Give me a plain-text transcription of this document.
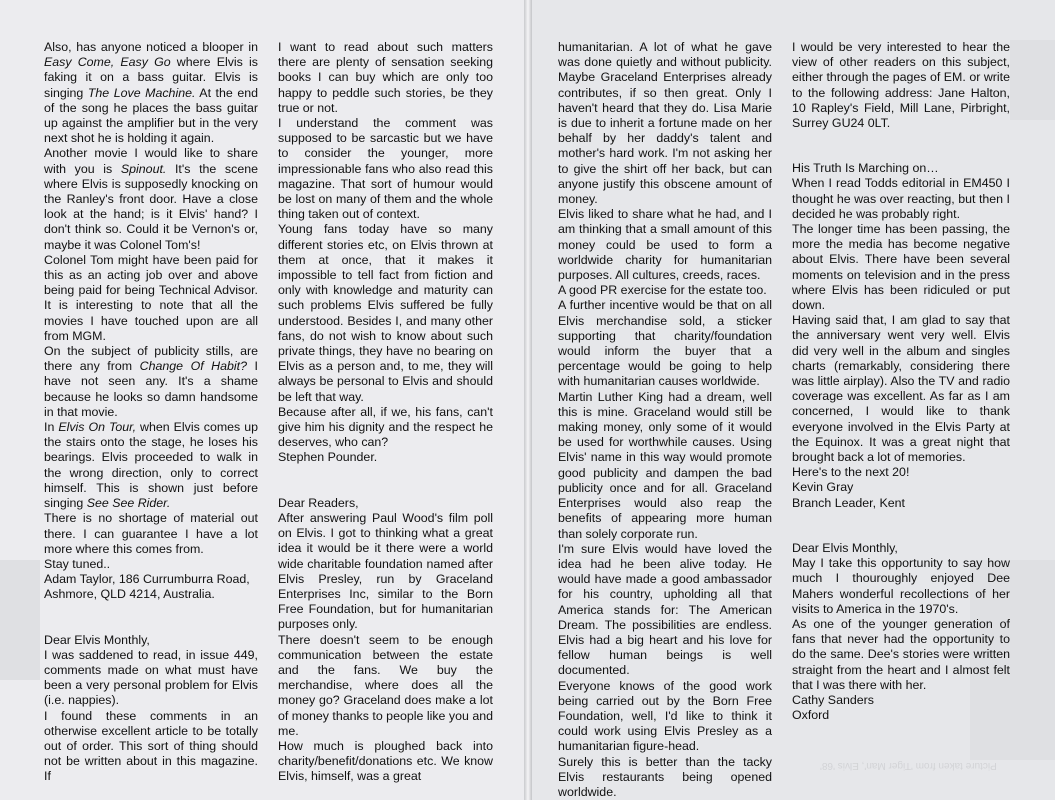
Also, has anyone noticed a blooper in Easy Come, Easy Go where Elvis is faking it on a bass guitar. Elvis is singing The Love Machine. At the end of the song he places the bass guitar up against the amplifier but in the very next shot he is holding it again.

Another movie I would like to share with you is Spinout. It's the scene where Elvis is supposedly knocking on the Ranley's front door. Have a close look at the hand; is it Elvis' hand? I don't think so. Could it be Vernon's or, maybe it was Colonel Tom's!

Colonel Tom might have been paid for this as an acting job over and above being paid for being Technical Advisor. It is interesting to note that all the movies I have touched upon are all from MGM.

On the subject of publicity stills, are there any from Change Of Habit? I have not seen any. It's a shame because he looks so damn handsome in that movie.

In Elvis On Tour, when Elvis comes up the stairs onto the stage, he loses his bearings. Elvis proceeded to walk in the wrong direction, only to correct himself. This is shown just before singing See See Rider.

There is no shortage of material out there. I can guarantee I have a lot more where this comes from.

Stay tuned..

Adam Taylor, 186 Currumburra Road, Ashmore, QLD 4214, Australia.

Dear Elvis Monthly,

I was saddened to read, in issue 449, comments made on what must have been a very personal problem for Elvis (i.e. nappies).

I found these comments in an otherwise excellent article to be totally out of order. This sort of thing should not be written about in this magazine. If

I want to read about such matters there are plenty of sensation seeking books I can buy which are only too happy to peddle such stories, be they true or not.

I understand the comment was supposed to be sarcastic but we have to consider the younger, more impressionable fans who also read this magazine. That sort of humour would be lost on many of them and the whole thing taken out of context.

Young fans today have so many different stories etc, on Elvis thrown at them at once, that it makes it impossible to tell fact from fiction and only with knowledge and maturity can such problems Elvis suffered be fully understood. Besides I, and many other fans, do not wish to know about such private things, they have no bearing on Elvis as a person and, to me, they will always be personal to Elvis and should be left that way.

Because after all, if we, his fans, can't give him his dignity and the respect he deserves, who can?

Stephen Pounder.

Dear Readers,

After answering Paul Wood's film poll on Elvis. I got to thinking what a great idea it would be it there were a world wide charitable foundation named after Elvis Presley, run by Graceland Enterprises Inc, similar to the Born Free Foundation, but for humanitarian purposes only.

There doesn't seem to be enough communication between the estate and the fans. We buy the merchandise, where does all the money go? Graceland does make a lot of money thanks to people like you and me.

How much is ploughed back into charity/benefit/donations etc. We know Elvis, himself, was a great

humanitarian. A lot of what he gave was done quietly and without publicity. Maybe Graceland Enterprises already contributes, if so then great. Only I haven't heard that they do. Lisa Marie is due to inherit a fortune made on her behalf by her daddy's talent and mother's hard work. I'm not asking her to give the shirt off her back, but can anyone justify this obscene amount of money.

Elvis liked to share what he had, and I am thinking that a small amount of this money could be used to form a worldwide charity for humanitarian purposes. All cultures, creeds, races.

A good PR exercise for the estate too.

A further incentive would be that on all Elvis merchandise sold, a sticker supporting that charity/foundation would inform the buyer that a percentage would be going to help with humanitarian causes worldwide.

Martin Luther King had a dream, well this is mine. Graceland would still be making money, only some of it would be used for worthwhile causes. Using Elvis' name in this way would promote good publicity and dampen the bad publicity once and for all. Graceland Enterprises would also reap the benefits of appearing more human than solely corporate run.

I'm sure Elvis would have loved the idea had he been alive today. He would have made a good ambassador for his country, upholding all that America stands for: The American Dream. The possibilities are endless. Elvis had a big heart and his love for fellow human beings is well documented.

Everyone knows of the good work being carried out by the Born Free Foundation, well, I'd like to think it could work using Elvis Presley as a humanitarian figure-head.

Surely this is better than the tacky Elvis restaurants being opened worldwide.

I would be very interested to hear the view of other readers on this subject, either through the pages of EM. or write to the following address: Jane Halton, 10 Rapley's Field, Mill Lane, Pirbright, Surrey GU24 0LT.

His Truth Is Marching on…

When I read Todds editorial in EM450 I thought he was over reacting, but then I decided he was probably right.

The longer time has been passing, the more the media has become negative about Elvis. There have been several moments on television and in the press where Elvis has been ridiculed or put down.

Having said that, I am glad to say that the anniversary went very well. Elvis did very well in the album and singles charts (remarkably, considering there was little airplay). Also the TV and radio coverage was excellent. As far as I am concerned, I would like to thank everyone involved in the Elvis Party at the Equinox. It was a great night that brought back a lot of memories.

Here's to the next 20!

Kevin Gray

Branch Leader, Kent

Dear Elvis Monthly,

May I take this opportunity to say how much I thouroughly enjoyed Dee Mahers wonderful recollections of her visits to America in the 1970's.

As one of the younger generation of fans that never had the opportunity to do the same. Dee's stories were written straight from the heart and I almost felt that I was there with her.

Cathy Sanders

Oxford

Picture taken from 'Tiger Man', Elvis '68'
